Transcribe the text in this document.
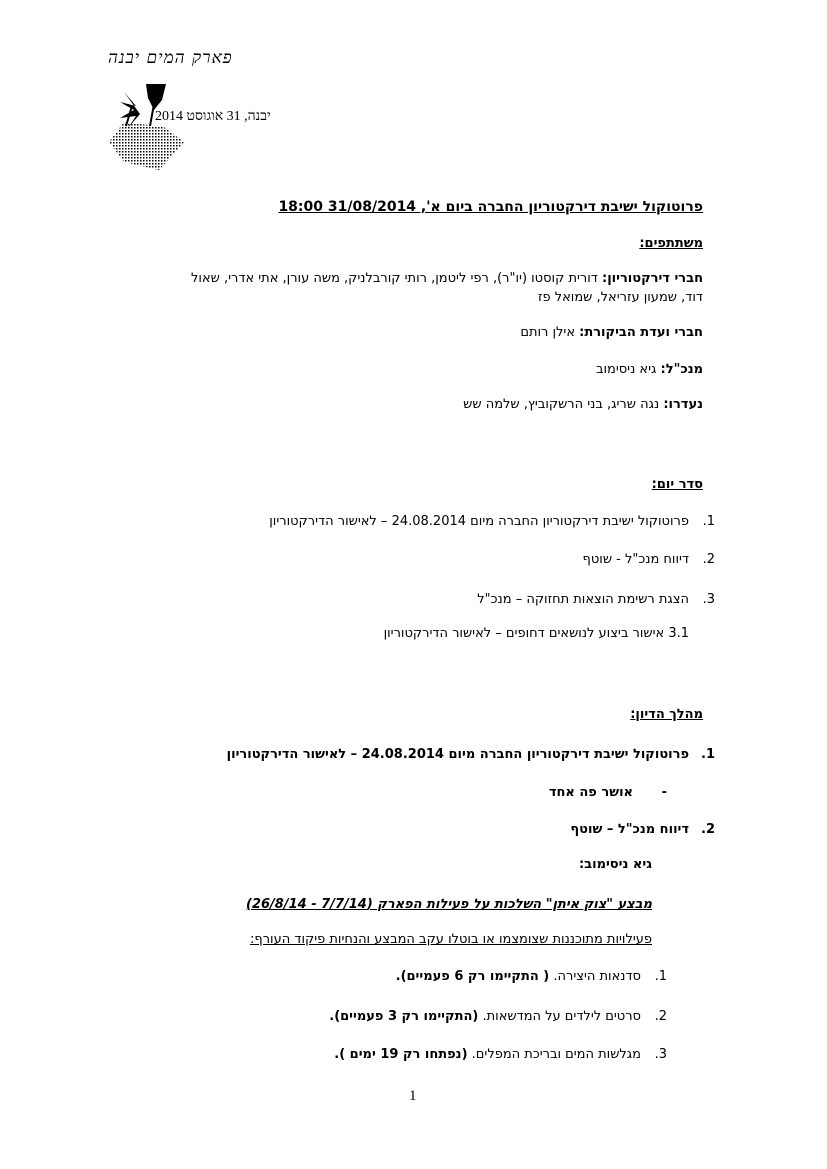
פארק המים יבנה
יבנה, 31 אוגוסט 2014
פרוטוקול ישיבת דירקטוריון החברה ביום א', 31/08/2014 18:00
משתתפים:
חברי דירקטוריון: דורית קוסטו (יו"ר), רפי ליטמן, רותי קורבלניק, משה עורן, אתי אדרי, שאול
דוד, שמעון עזריאל, שמואל פז
חברי ועדת הביקורת: אילן רותם
מנכ"ל: גיא ניסימוב
נעדרו: נגה שריג, בני הרשקוביץ, שלמה שש
סדר יום:
1.פרוטוקול ישיבת דירקטוריון החברה מיום 24.08.2014 – לאישור הדירקטוריון
2.דיווח מנכ"ל - שוטף
3.הצגת רשימת הוצאות תחזוקה – מנכ"ל
3.1 אישור ביצוע לנושאים דחופים – לאישור הדירקטוריון
מהלך הדיון:
1.פרוטוקול ישיבת דירקטוריון החברה מיום 24.08.2014 – לאישור הדירקטוריון
-אושר פה אחד
2.דיווח מנכ"ל – שוטף
גיא ניסימוב:
מבצע "צוק איתן" השלכות על פעילות הפארק (7/7/14 - 26/8/14)
פעילויות מתוכננות שצומצמו או בוטלו עקב המבצע והנחיות פיקוד העורף:
1.סדנאות היצירה. ( התקיימו רק 6 פעמיים).
2.סרטים לילדים על המדשאות. (התקיימו רק 3 פעמיים).
3.מגלשות המים ובריכת המפלים. (נפתחו רק 19 ימים ).
1
